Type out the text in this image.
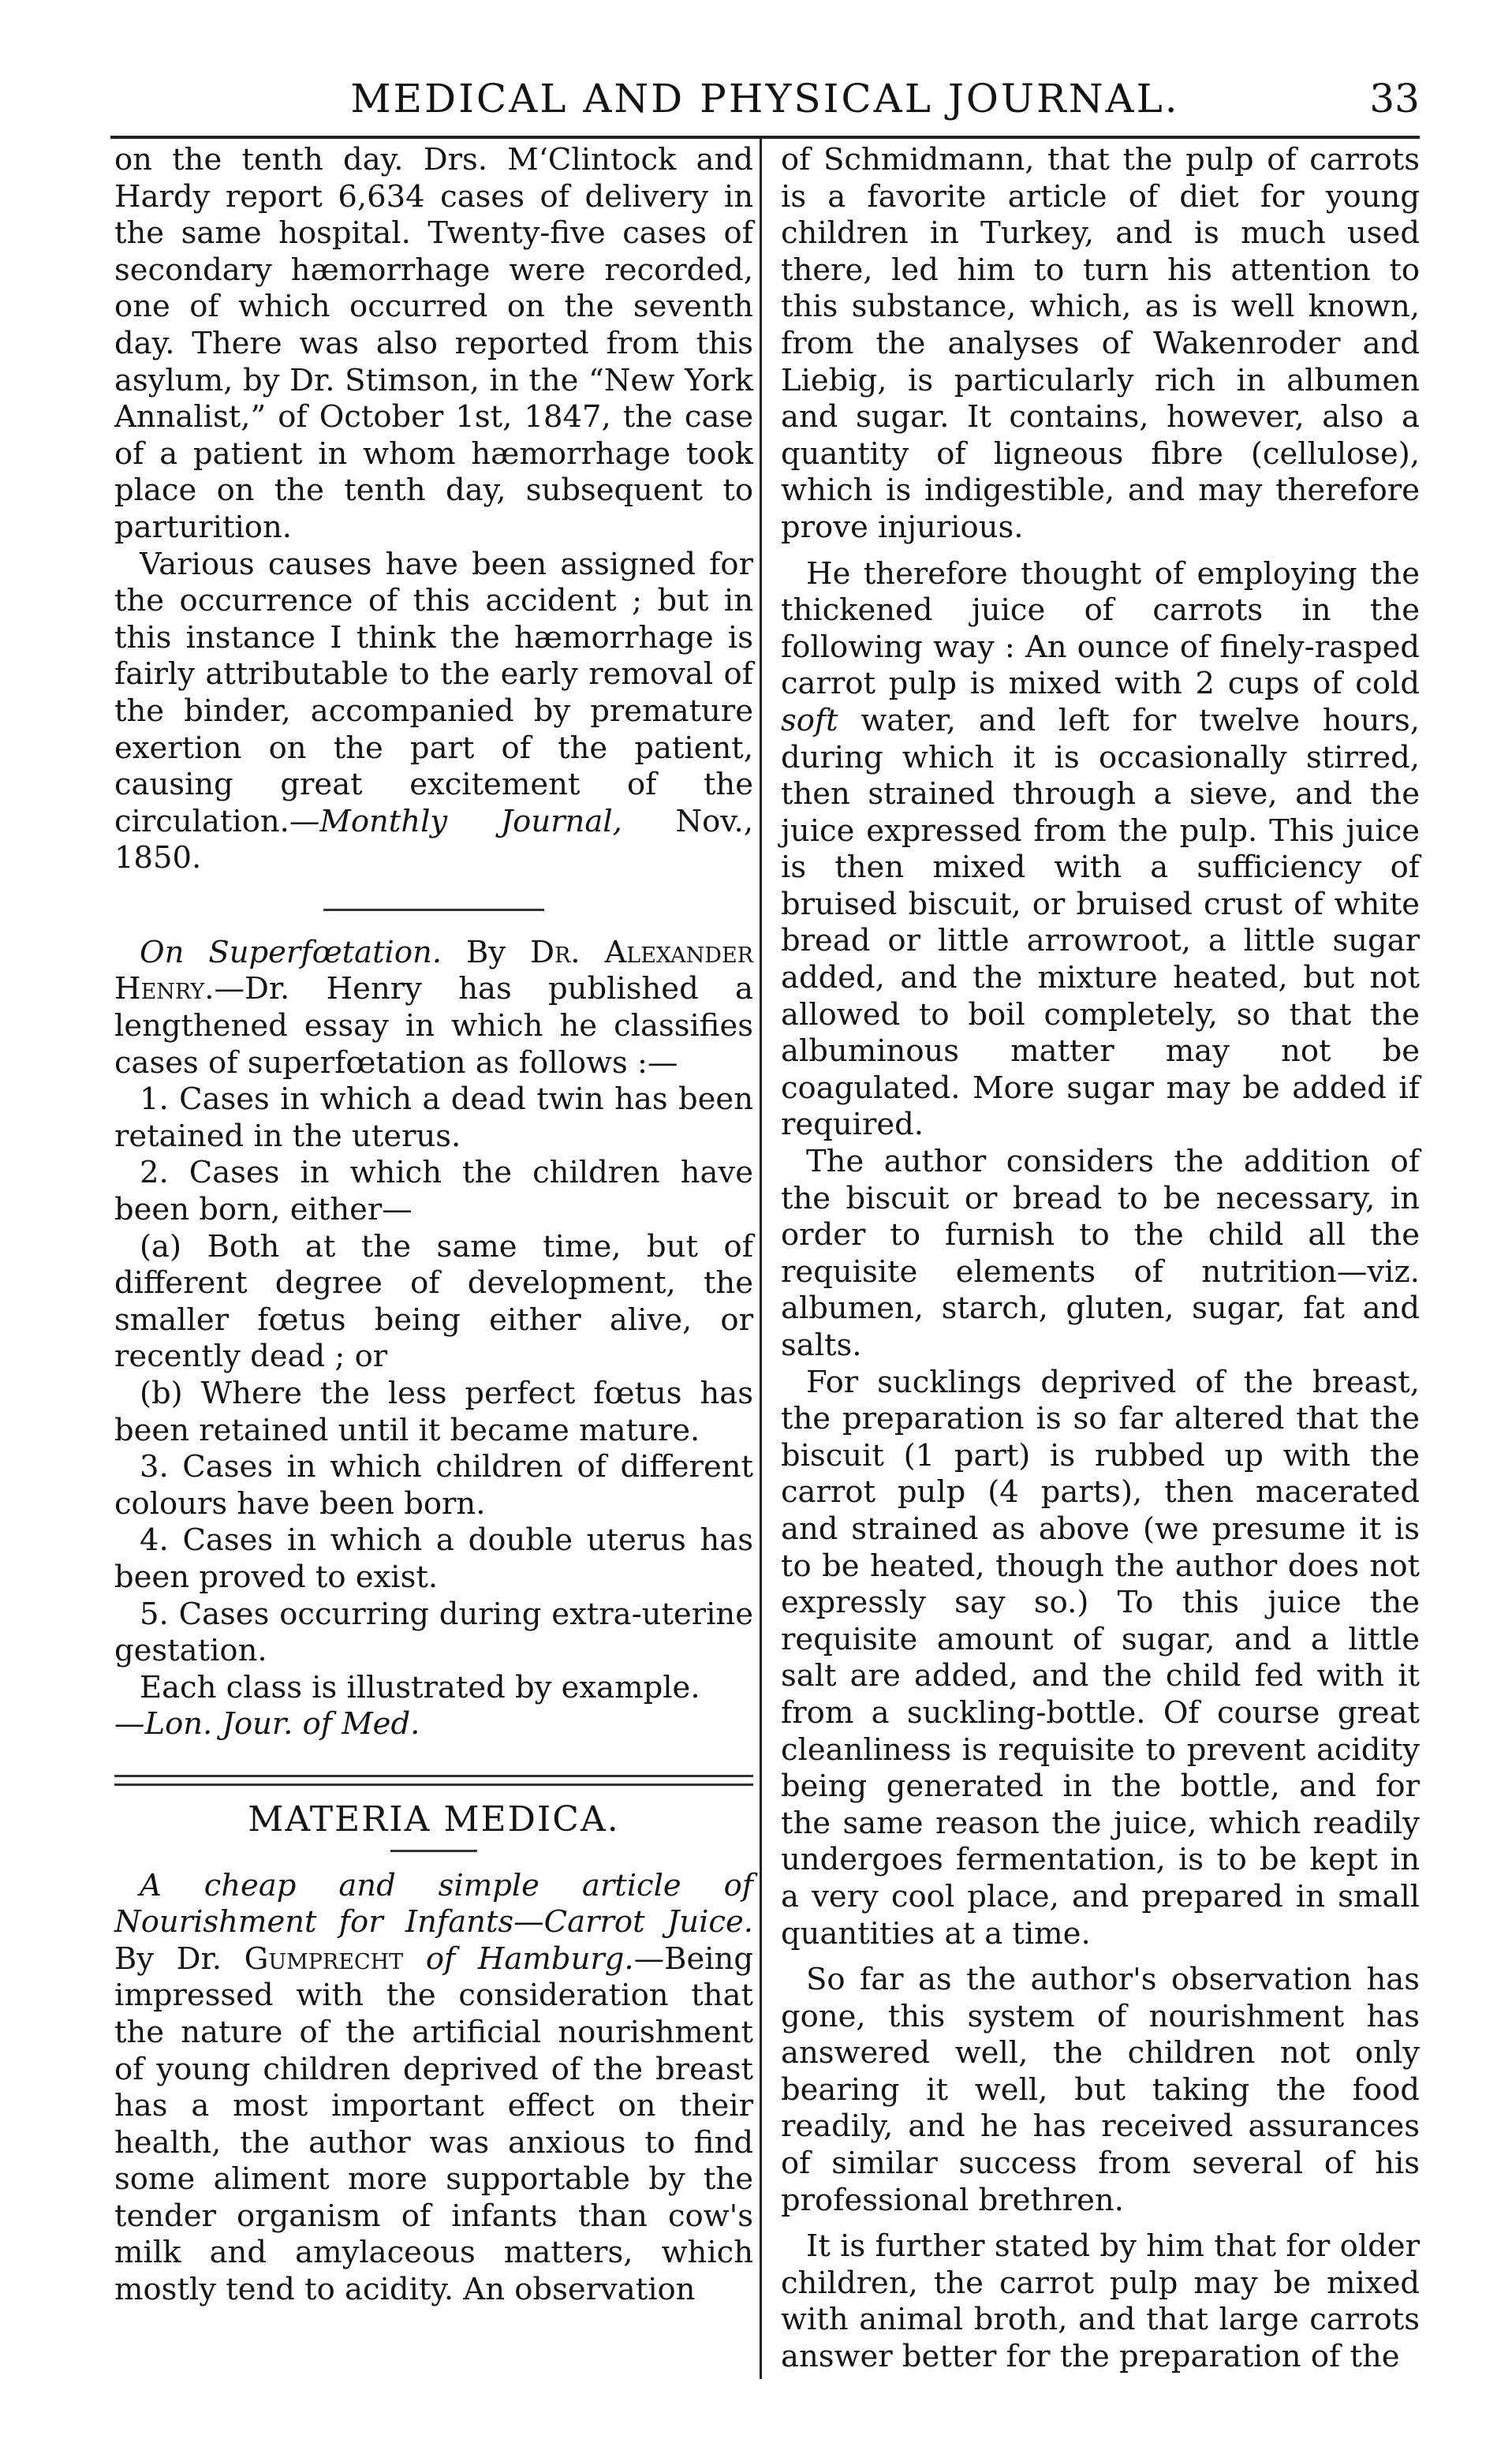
MEDICAL AND PHYSICAL JOURNAL.	33

on the tenth day. Drs. M‘Clintock and Hardy report 6,634 cases of delivery in the same hospital. Twenty-five cases of secondary hæmorrhage were recorded, one of which occurred on the seventh day. There was also reported from this asylum, by Dr. Stimson, in the “New York Annalist,” of October 1st, 1847, the case of a patient in whom hæmorrhage took place on the tenth day, subsequent to parturition.

Various causes have been assigned for the occurrence of this accident ; but in this instance I think the hæmorrhage is fairly attributable to the early removal of the binder, accompanied by premature exertion on the part of the patient, causing great excitement of the circulation.—Monthly Journal, Nov., 1850.

On Superfœtation. By Dr. Alexander Henry.—Dr. Henry has published a lengthened essay in which he classifies cases of superfœtation as follows :—

1. Cases in which a dead twin has been retained in the uterus.

2. Cases in which the children have been born, either—

(a) Both at the same time, but of different degree of development, the smaller fœtus being either alive, or recently dead ; or

(b) Where the less perfect fœtus has been retained until it became mature.

3. Cases in which children of different colours have been born.

4. Cases in which a double uterus has been proved to exist.

5. Cases occurring during extra-uterine gestation.

Each class is illustrated by example.

—Lon. Jour. of Med.

MATERIA MEDICA.

A cheap and simple article of Nourishment for Infants—Carrot Juice. By Dr. Gumprecht of Hamburg.—Being impressed with the consideration that the nature of the artificial nourishment of young children deprived of the breast has a most important effect on their health, the author was anxious to find some aliment more supportable by the tender organism of infants than cow's milk and amylaceous matters, which mostly tend to acidity. An observation

of Schmidmann, that the pulp of carrots is a favorite article of diet for young children in Turkey, and is much used there, led him to turn his attention to this substance, which, as is well known, from the analyses of Wakenroder and Liebig, is particularly rich in albumen and sugar. It contains, however, also a quantity of ligneous fibre (cellulose), which is indigestible, and may therefore prove injurious.

He therefore thought of employing the thickened juice of carrots in the following way : An ounce of finely-rasped carrot pulp is mixed with 2 cups of cold soft water, and left for twelve hours, during which it is occasionally stirred, then strained through a sieve, and the juice expressed from the pulp. This juice is then mixed with a sufficiency of bruised biscuit, or bruised crust of white bread or little arrowroot, a little sugar added, and the mixture heated, but not allowed to boil completely, so that the albuminous matter may not be coagulated. More sugar may be added if required.

The author considers the addition of the biscuit or bread to be necessary, in order to furnish to the child all the requisite elements of nutrition—viz. albumen, starch, gluten, sugar, fat and salts.

For sucklings deprived of the breast, the preparation is so far altered that the biscuit (1 part) is rubbed up with the carrot pulp (4 parts), then macerated and strained as above (we presume it is to be heated, though the author does not expressly say so.) To this juice the requisite amount of sugar, and a little salt are added, and the child fed with it from a suckling-bottle. Of course great cleanliness is requisite to prevent acidity being generated in the bottle, and for the same reason the juice, which readily undergoes fermentation, is to be kept in a very cool place, and prepared in small quantities at a time.

So far as the author's observation has gone, this system of nourishment has answered well, the children not only bearing it well, but taking the food readily, and he has received assurances of similar success from several of his professional brethren.

It is further stated by him that for older children, the carrot pulp may be mixed with animal broth, and that large carrots answer better for the preparation of the
